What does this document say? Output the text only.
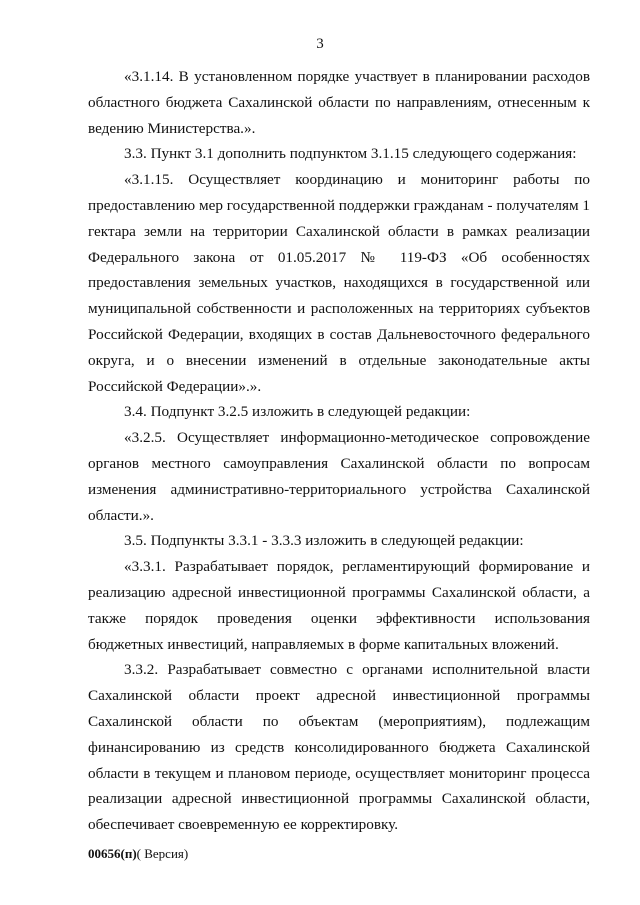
3

«3.1.14. В установленном порядке участвует в планировании расходов областного бюджета Сахалинской области по направлениям, отнесенным к ведению Министерства.».

3.3. Пункт 3.1 дополнить подпунктом 3.1.15 следующего содержания:

«3.1.15. Осуществляет координацию и мониторинг работы по предоставлению мер государственной поддержки гражданам - получателям 1 гектара земли на территории Сахалинской области в рамках реализации Федерального закона от 01.05.2017 № 119-ФЗ «Об особенностях предоставления земельных участков, находящихся в государственной или муниципальной собственности и расположенных на территориях субъектов Российской Федерации, входящих в состав Дальневосточного федерального округа, и о внесении изменений в отдельные законодательные акты Российской Федерации».».

3.4. Подпункт 3.2.5 изложить в следующей редакции:

«3.2.5. Осуществляет информационно-методическое сопровождение органов местного самоуправления Сахалинской области по вопросам изменения административно-территориального устройства Сахалинской области.».

3.5. Подпункты 3.3.1 - 3.3.3 изложить в следующей редакции:

«3.3.1. Разрабатывает порядок, регламентирующий формирование и реализацию адресной инвестиционной программы Сахалинской области, а также порядок проведения оценки эффективности использования бюджетных инвестиций, направляемых в форме капитальных вложений.

3.3.2. Разрабатывает совместно с органами исполнительной власти Сахалинской области проект адресной инвестиционной программы Сахалинской области по объектам (мероприятиям), подлежащим финансированию из средств консолидированного бюджета Сахалинской области в текущем и плановом периоде, осуществляет мониторинг процесса реализации адресной инвестиционной программы Сахалинской области, обеспечивает своевременную ее корректировку.

00656(п)( Версия)
